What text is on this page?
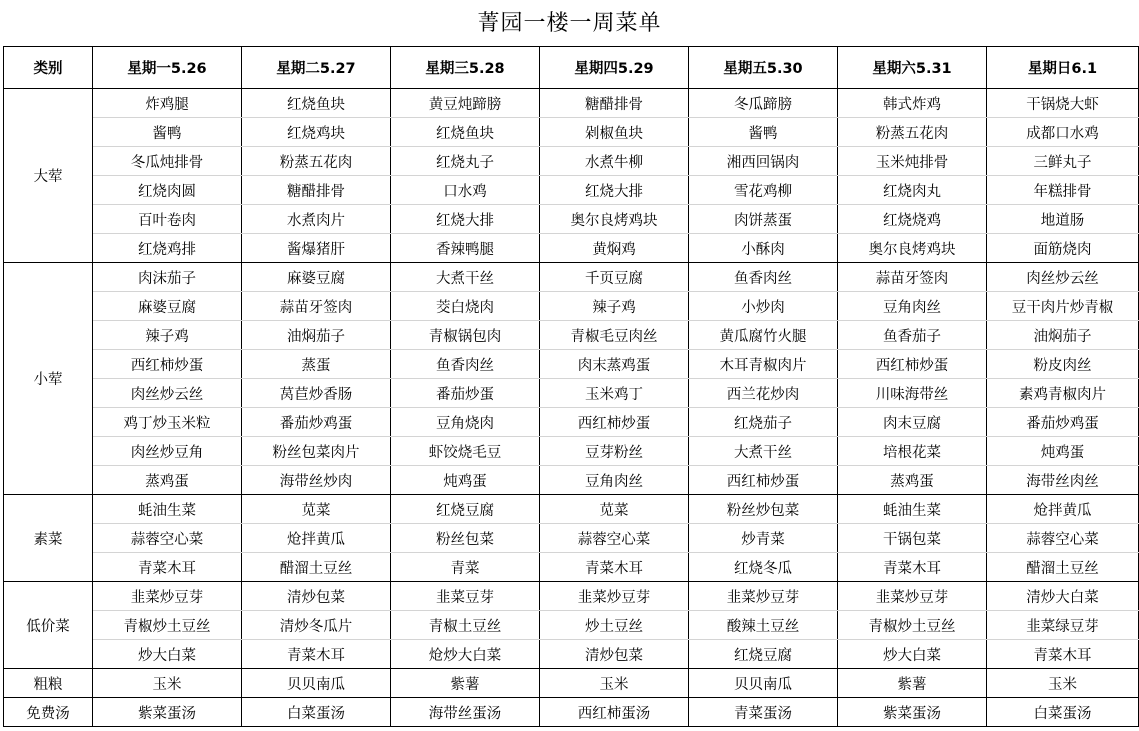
菁园一楼一周菜单
类别	星期一5.26	星期二5.27	星期三5.28	星期四5.29	星期五5.30	星期六5.31	星期日6.1
大荤	炸鸡腿	红烧鱼块	黄豆炖蹄膀	糖醋排骨	冬瓜蹄膀	韩式炸鸡	干锅烧大虾
	酱鸭	红烧鸡块	红烧鱼块	剁椒鱼块	酱鸭	粉蒸五花肉	成都口水鸡
	冬瓜炖排骨	粉蒸五花肉	红烧丸子	水煮牛柳	湘西回锅肉	玉米炖排骨	三鲜丸子
	红烧肉圆	糖醋排骨	口水鸡	红烧大排	雪花鸡柳	红烧肉丸	年糕排骨
	百叶卷肉	水煮肉片	红烧大排	奥尔良烤鸡块	肉饼蒸蛋	红烧烧鸡	地道肠
	红烧鸡排	酱爆猪肝	香辣鸭腿	黄焖鸡	小酥肉	奥尔良烤鸡块	面筋烧肉
小荤	肉沫茄子	麻婆豆腐	大煮干丝	千页豆腐	鱼香肉丝	蒜苗牙签肉	肉丝炒云丝
	麻婆豆腐	蒜苗牙签肉	茭白烧肉	辣子鸡	小炒肉	豆角肉丝	豆干肉片炒青椒
	辣子鸡	油焖茄子	青椒锅包肉	青椒毛豆肉丝	黄瓜腐竹火腿	鱼香茄子	油焖茄子
	西红柿炒蛋	蒸蛋	鱼香肉丝	肉末蒸鸡蛋	木耳青椒肉片	西红柿炒蛋	粉皮肉丝
	肉丝炒云丝	莴苣炒香肠	番茄炒蛋	玉米鸡丁	西兰花炒肉	川味海带丝	素鸡青椒肉片
	鸡丁炒玉米粒	番茄炒鸡蛋	豆角烧肉	西红柿炒蛋	红烧茄子	肉末豆腐	番茄炒鸡蛋
	肉丝炒豆角	粉丝包菜肉片	虾饺烧毛豆	豆芽粉丝	大煮干丝	培根花菜	炖鸡蛋
	蒸鸡蛋	海带丝炒肉	炖鸡蛋	豆角肉丝	西红柿炒蛋	蒸鸡蛋	海带丝肉丝
素菜	蚝油生菜	苋菜	红烧豆腐	苋菜	粉丝炒包菜	蚝油生菜	炝拌黄瓜
	蒜蓉空心菜	炝拌黄瓜	粉丝包菜	蒜蓉空心菜	炒青菜	干锅包菜	蒜蓉空心菜
	青菜木耳	醋溜土豆丝	青菜	青菜木耳	红烧冬瓜	青菜木耳	醋溜土豆丝
低价菜	韭菜炒豆芽	清炒包菜	韭菜豆芽	韭菜炒豆芽	韭菜炒豆芽	韭菜炒豆芽	清炒大白菜
	青椒炒土豆丝	清炒冬瓜片	青椒土豆丝	炒土豆丝	酸辣土豆丝	青椒炒土豆丝	韭菜绿豆芽
	炒大白菜	青菜木耳	炝炒大白菜	清炒包菜	红烧豆腐	炒大白菜	青菜木耳
粗粮	玉米	贝贝南瓜	紫薯	玉米	贝贝南瓜	紫薯	玉米
免费汤	紫菜蛋汤	白菜蛋汤	海带丝蛋汤	西红柿蛋汤	青菜蛋汤	紫菜蛋汤	白菜蛋汤
